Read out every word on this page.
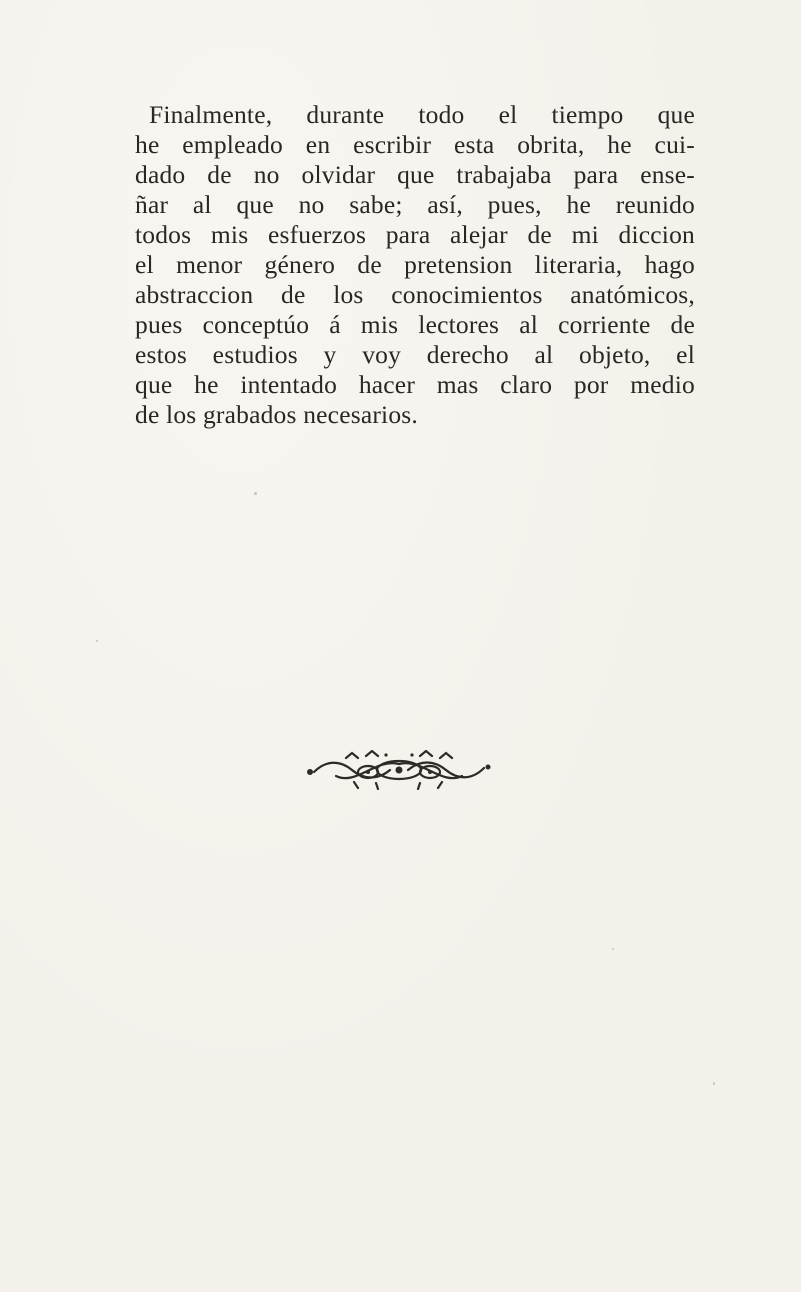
Finalmente, durante todo el tiempo que
he empleado en escribir esta obrita, he cui-
dado de no olvidar que trabajaba para ense-
ñar al que no sabe; así, pues, he reunido
todos mis esfuerzos para alejar de mi diccion
el menor género de pretension literaria, hago
abstraccion de los conocimientos anatómicos,
pues conceptúo á mis lectores al corriente de
estos estudios y voy derecho al objeto, el
que he intentado hacer mas claro por medio
de los grabados necesarios.
